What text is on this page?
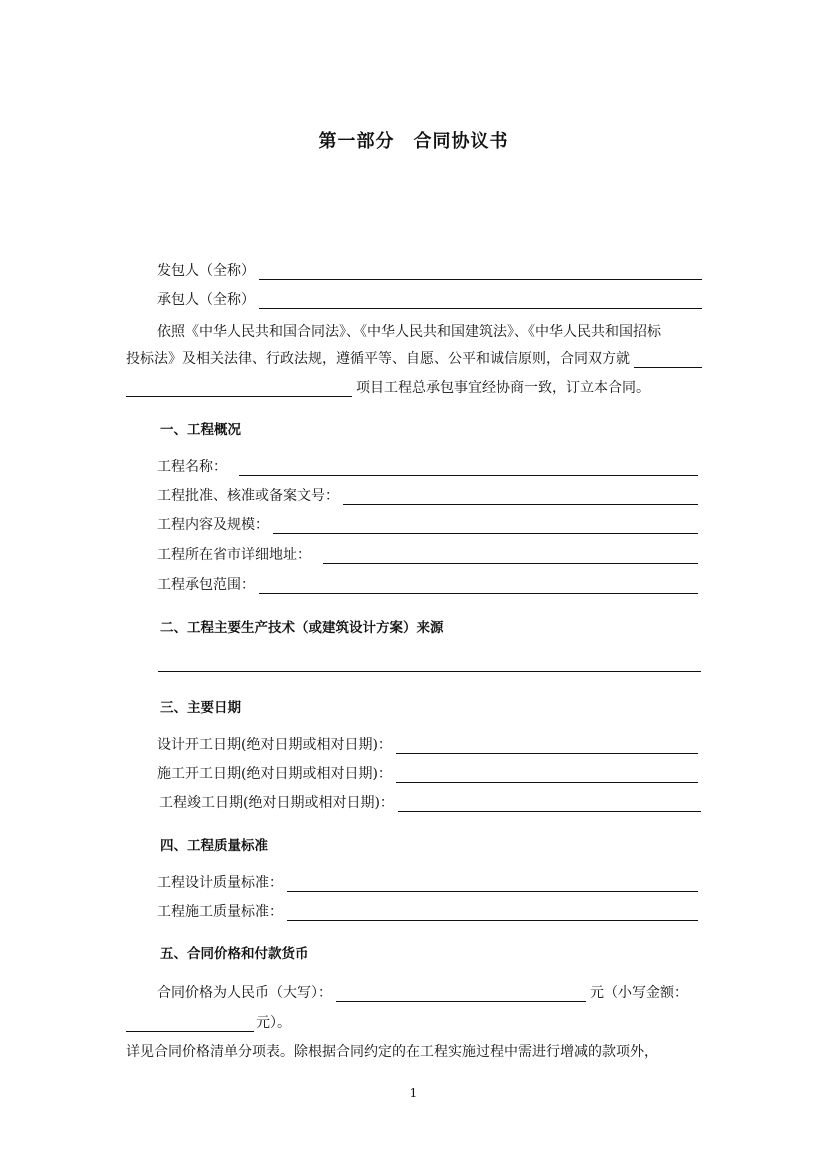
第一部分　合同协议书
发包人（全称）
承包人（全称）
依照《中华人民共和国合同法》、《中华人民共和国建筑法》、《中华人民共和国招标
投标法》及相关法律、行政法规，遵循平等、自愿、公平和诚信原则，合同双方就
项目工程总承包事宜经协商一致，订立本合同。
一、工程概况
工程名称：
工程批准、核准或备案文号：
工程内容及规模：
工程所在省市详细地址：
工程承包范围：
二、工程主要生产技术（或建筑设计方案）来源
三、主要日期
设计开工日期(绝对日期或相对日期)：
施工开工日期(绝对日期或相对日期)：
工程竣工日期(绝对日期或相对日期)：
四、工程质量标准
工程设计质量标准：
工程施工质量标准：
五、合同价格和付款货币
合同价格为人民币（大写）：	元（小写金额：
元）。
详见合同价格清单分项表。除根据合同约定的在工程实施过程中需进行增减的款项外，
1
